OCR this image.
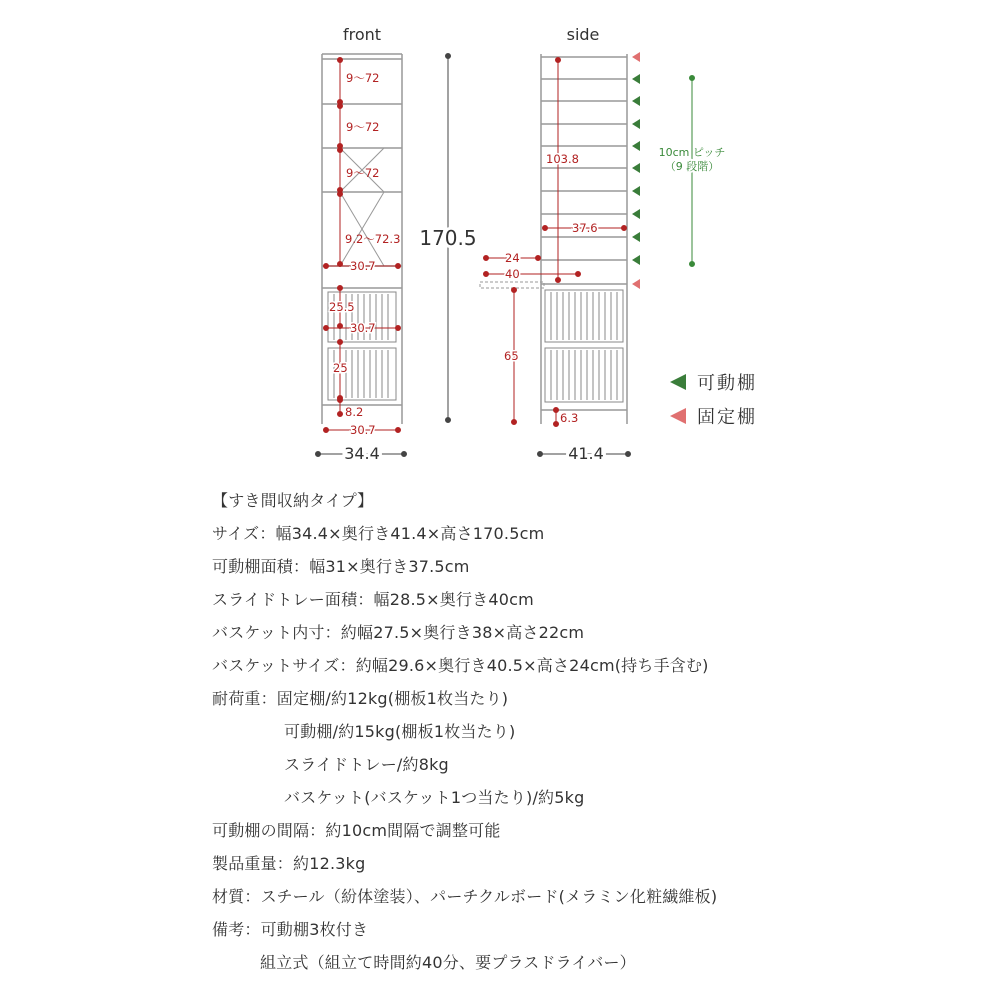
front
9～72
9～72
9～72
9.2～72.3
30.7
25.5
30.7
25
8.2
30.7
170.5
34.4
side
103.8
37.6
24
40
65
6.3
41.4
10cm ピッチ
（9 段階）
可動棚
固定棚
【すき間収納タイプ】
サイズ：幅34.4×奥行き41.4×高さ170.5cm
可動棚面積：幅31×奥行き37.5cm
スライドトレー面積：幅28.5×奥行き40cm
バスケット内寸：約幅27.5×奥行き38×高さ22cm
バスケットサイズ：約幅29.6×奥行き40.5×高さ24cm(持ち手含む)
耐荷重：固定棚/約12kg(棚板1枚当たり)
可動棚/約15kg(棚板1枚当たり)
スライドトレー/約8kg
バスケット(バスケット1つ当たり)/約5kg
可動棚の間隔：約10cm間隔で調整可能
製品重量：約12.3kg
材質：スチール（紛体塗装）、パーチクルボード(メラミン化粧繊維板)
備考：可動棚3枚付き
組立式（組立て時間約40分、要プラスドライバー）
